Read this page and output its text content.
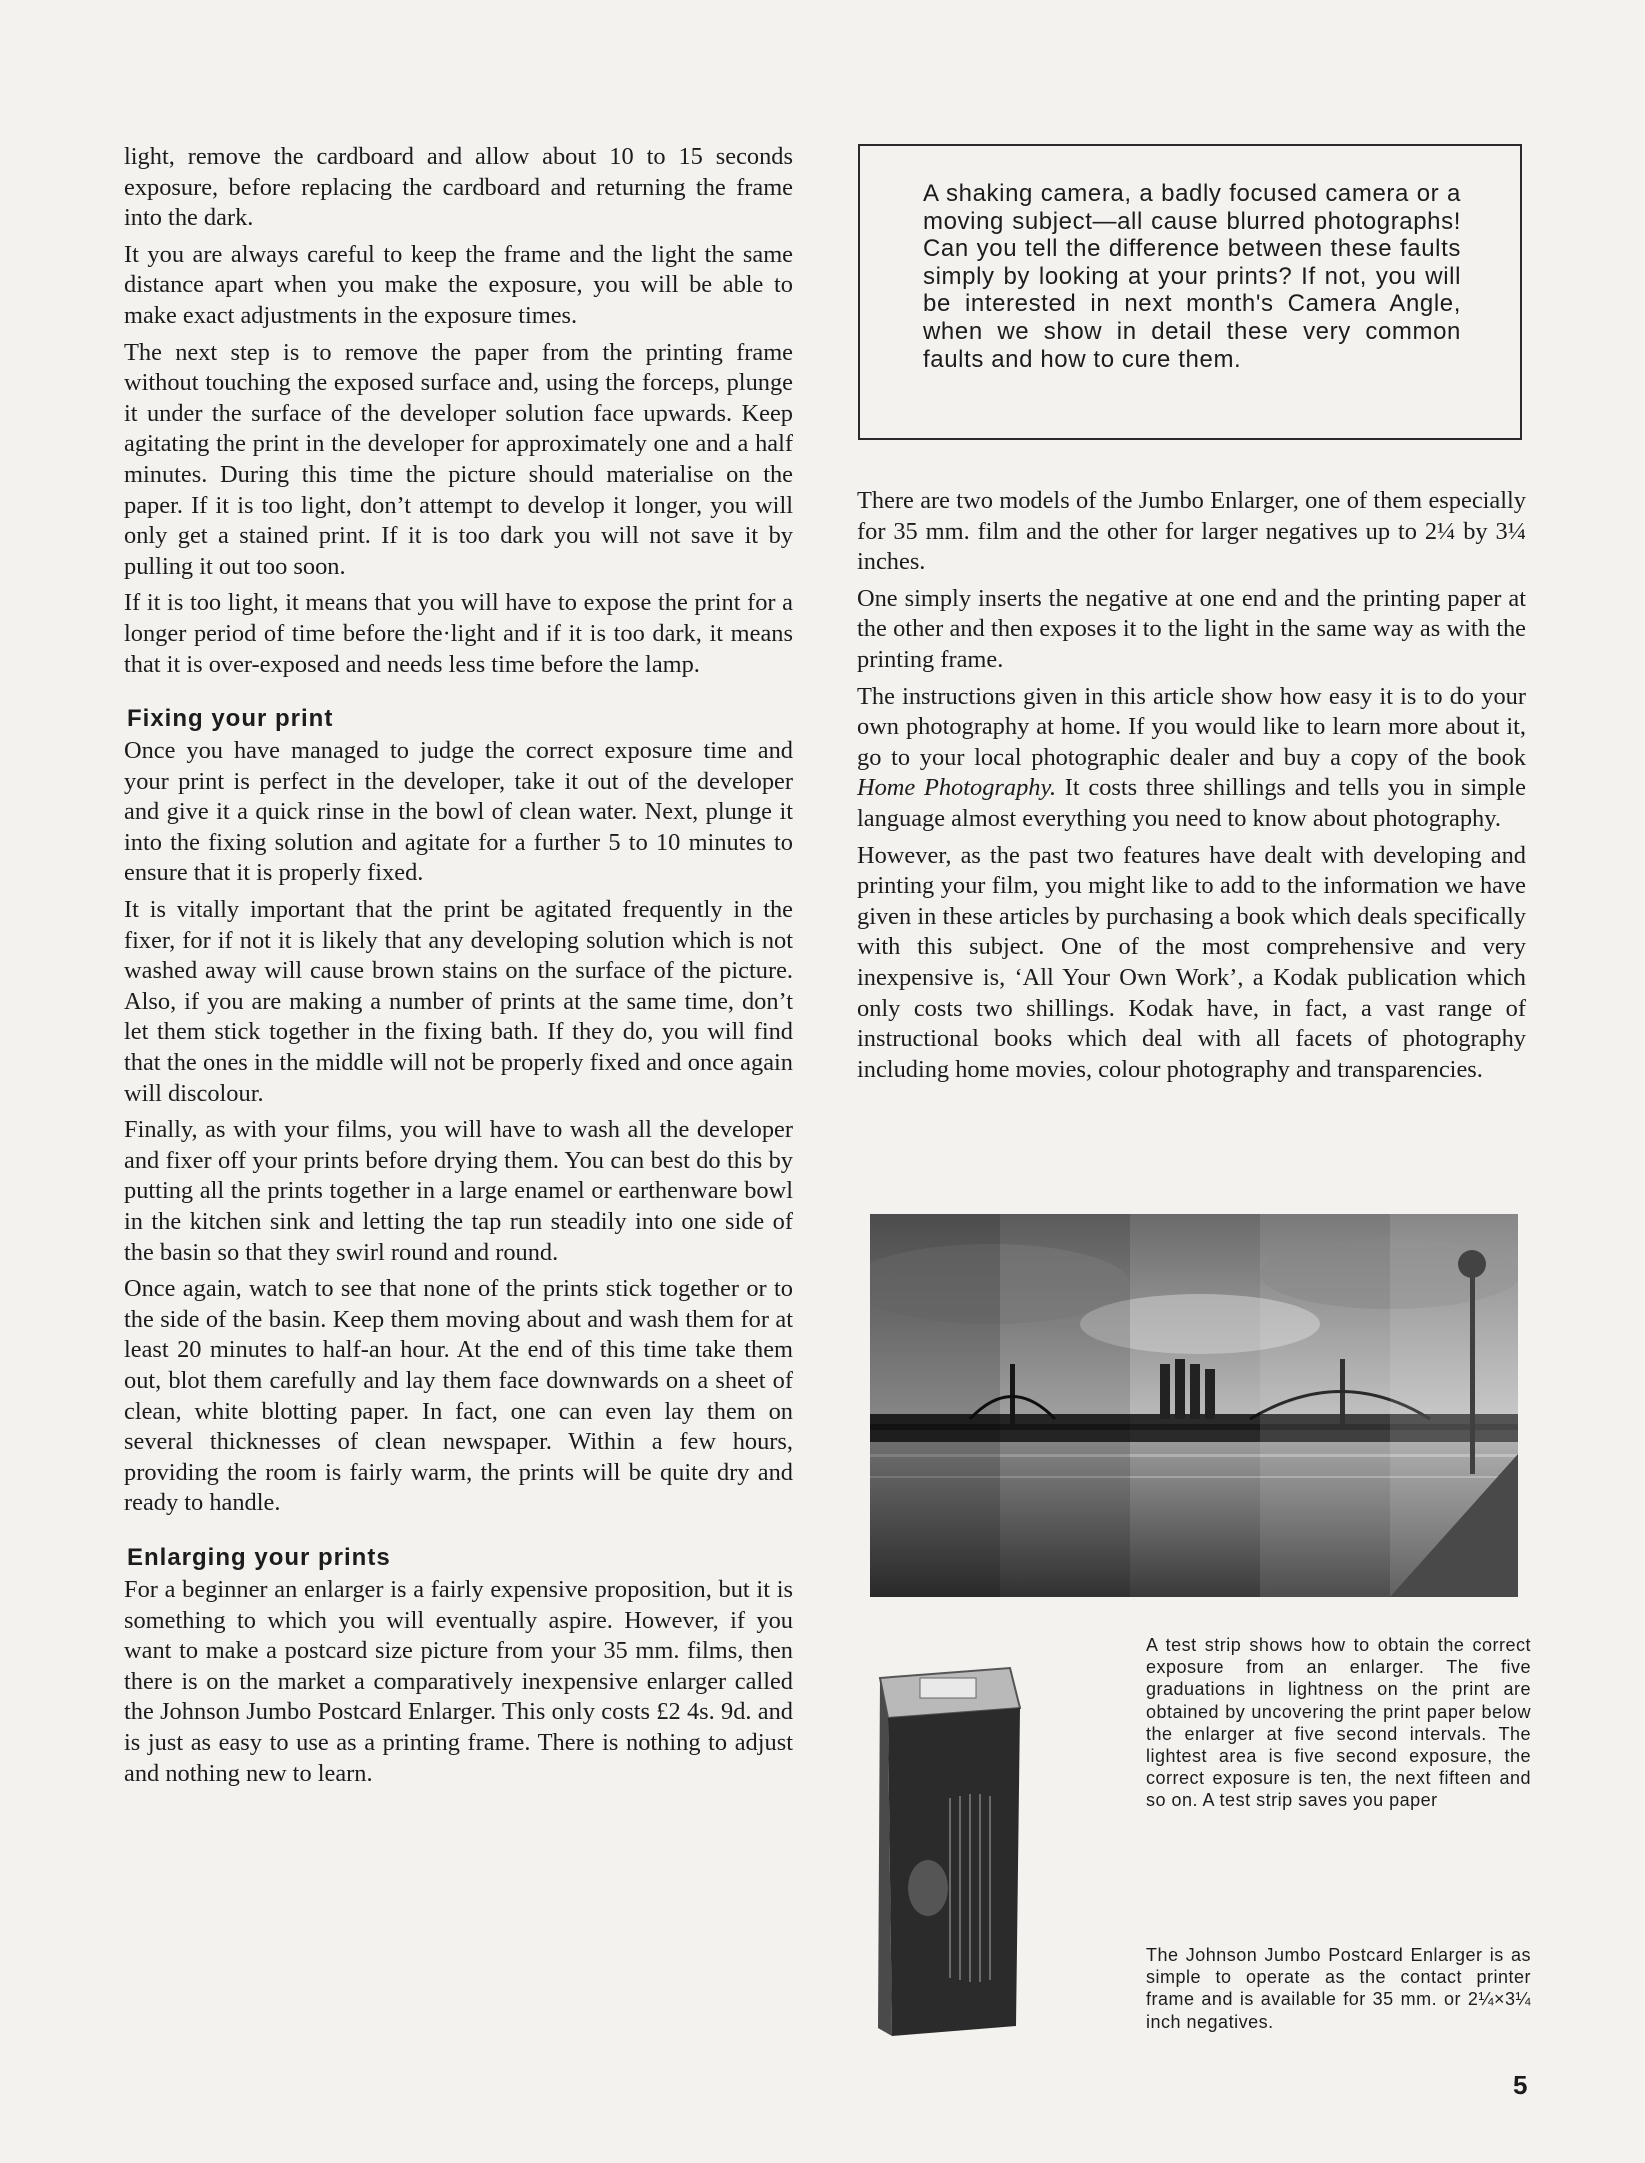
light, remove the cardboard and allow about 10 to 15 seconds exposure, before replacing the cardboard and returning the frame into the dark.

It you are always careful to keep the frame and the light the same distance apart when you make the exposure, you will be able to make exact adjustments in the exposure times.

The next step is to remove the paper from the printing frame without touching the exposed surface and, using the forceps, plunge it under the surface of the developer solution face upwards. Keep agitating the print in the developer for approximately one and a half minutes. During this time the picture should materialise on the paper. If it is too light, don’t attempt to develop it longer, you will only get a stained print. If it is too dark you will not save it by pulling it out too soon.

If it is too light, it means that you will have to expose the print for a longer period of time before the·light and if it is too dark, it means that it is over-exposed and needs less time before the lamp.

Fixing your print

Once you have managed to judge the correct exposure time and your print is perfect in the developer, take it out of the developer and give it a quick rinse in the bowl of clean water. Next, plunge it into the fixing solution and agitate for a further 5 to 10 minutes to ensure that it is properly fixed.

It is vitally important that the print be agitated frequently in the fixer, for if not it is likely that any developing solution which is not washed away will cause brown stains on the surface of the picture. Also, if you are making a number of prints at the same time, don’t let them stick together in the fixing bath. If they do, you will find that the ones in the middle will not be properly fixed and once again will discolour.

Finally, as with your films, you will have to wash all the developer and fixer off your prints before drying them. You can best do this by putting all the prints together in a large enamel or earthenware bowl in the kitchen sink and letting the tap run steadily into one side of the basin so that they swirl round and round.

Once again, watch to see that none of the prints stick together or to the side of the basin. Keep them moving about and wash them for at least 20 minutes to half-an hour. At the end of this time take them out, blot them carefully and lay them face downwards on a sheet of clean, white blotting paper. In fact, one can even lay them on several thicknesses of clean newspaper. Within a few hours, providing the room is fairly warm, the prints will be quite dry and ready to handle.

Enlarging your prints

For a beginner an enlarger is a fairly expensive proposition, but it is something to which you will eventually aspire. However, if you want to make a postcard size picture from your 35 mm. films, then there is on the market a comparatively inexpensive enlarger called the Johnson Jumbo Postcard Enlarger. This only costs £2 4s. 9d. and is just as easy to use as a printing frame. There is nothing to adjust and nothing new to learn.

A shaking camera, a badly focused camera or a moving subject—all cause blurred photographs! Can you tell the difference between these faults simply by looking at your prints? If not, you will be interested in next month's Camera Angle, when we show in detail these very common faults and how to cure them.

There are two models of the Jumbo Enlarger, one of them especially for 35 mm. film and the other for larger negatives up to 2¼ by 3¼ inches.

One simply inserts the negative at one end and the printing paper at the other and then exposes it to the light in the same way as with the printing frame.

The instructions given in this article show how easy it is to do your own photography at home. If you would like to learn more about it, go to your local photographic dealer and buy a copy of the book Home Photography. It costs three shillings and tells you in simple language almost everything you need to know about photography.

However, as the past two features have dealt with developing and printing your film, you might like to add to the information we have given in these articles by purchasing a book which deals specifically with this subject. One of the most comprehensive and very inexpensive is, ‘All Your Own Work’, a Kodak publication which only costs two shillings. Kodak have, in fact, a vast range of instructional books which deal with all facets of photography including home movies, colour photography and transparencies.

A test strip shows how to obtain the correct exposure from an enlarger. The five graduations in lightness on the print are obtained by uncovering the print paper below the enlarger at five second intervals. The lightest area is five second exposure, the correct exposure is ten, the next fifteen and so on. A test strip saves you paper
The Johnson Jumbo Postcard Enlarger is as simple to operate as the contact printer frame and is available for 35 mm. or 2¼×3¼ inch negatives.
5
